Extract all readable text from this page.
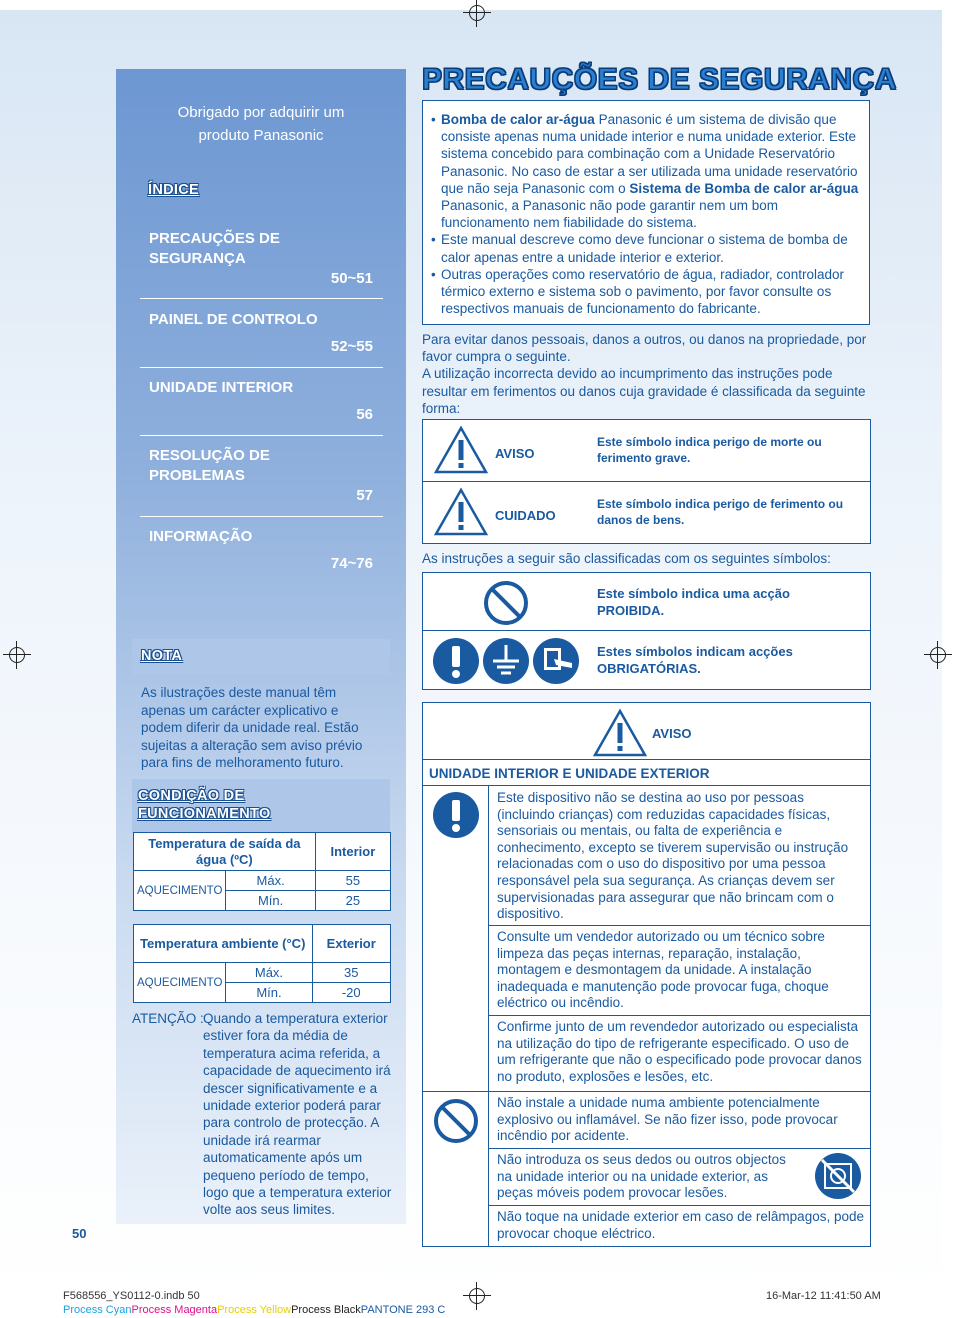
Obrigado por adquirir um
produto Panasonic
ÍNDICE
PRECAUÇÕES DE
SEGURANÇA
50~51
PAINEL DE CONTROLO
52~55
UNIDADE INTERIOR
56
RESOLUÇÃO DE
PROBLEMAS
57
INFORMAÇÃO
74~76
NOTA
As ilustrações deste manual têm apenas um carácter explicativo e podem diferir da unidade real. Estão sujeitas a alteração sem aviso prévio para fins de melhoramento futuro.
CONDIÇÃO DE
FUNCIONAMENTO
Temperatura de saída da água (ºC)		Interior
AQUECIMENTO	Máx.	55
	Mín.	25
Temperatura ambiente (°C)		Exterior
AQUECIMENTO	Máx.	35
	Mín.	-20
ATENÇÃO : Quando a temperatura exterior estiver fora da média de temperatura acima referida, a capacidade de aquecimento irá descer significativamente e a unidade exterior poderá parar para controlo de protecção. A unidade irá rearmar automaticamente após um pequeno período de tempo, logo que a temperatura exterior volte aos seus limites.
50
PRECAUÇÕES DE SEGURANÇA
• Bomba de calor ar-água Panasonic é um sistema de divisão que consiste apenas numa unidade interior e numa unidade exterior. Este sistema concebido para combinação com a Unidade Reservatório Panasonic. No caso de estar a ser utilizada uma unidade reservatório que não seja Panasonic com o Sistema de Bomba de calor ar-água Panasonic, a Panasonic não pode garantir nem um bom funcionamento nem fiabilidade do sistema.
• Este manual descreve como deve funcionar o sistema de bomba de calor apenas entre a unidade interior e exterior.
• Outras operações como reservatório de água, radiador, controlador térmico externo e sistema sob o pavimento, por favor consulte os respectivos manuais de funcionamento do fabricante.
Para evitar danos pessoais, danos a outros, ou danos na propriedade, por favor cumpra o seguinte.
A utilização incorrecta devido ao incumprimento das instruções pode resultar em ferimentos ou danos cuja gravidade é classificada da seguinte forma:
AVISO
Este símbolo indica perigo de morte ou ferimento grave.
CUIDADO
Este símbolo indica perigo de ferimento ou danos de bens.
As instruções a seguir são classificadas com os seguintes símbolos:
Este símbolo indica uma acção PROIBIDA.
Estes símbolos indicam acções OBRIGATÓRIAS.
AVISO
UNIDADE INTERIOR E UNIDADE EXTERIOR
Este dispositivo não se destina ao uso por pessoas (incluindo crianças) com reduzidas capacidades físicas, sensoriais ou mentais, ou falta de experiência e conhecimento, excepto se tiverem supervisão ou instrução relacionadas com o uso do dispositivo por uma pessoa responsável pela sua segurança. As crianças devem ser supervisionadas para assegurar que não brincam com o dispositivo.
Consulte um vendedor autorizado ou um técnico sobre limpeza das peças internas, reparação, instalação, montagem e desmontagem da unidade. A instalação inadequada e manutenção pode provocar fuga, choque eléctrico ou incêndio.
Confirme junto de um revendedor autorizado ou especialista na utilização do tipo de refrigerante especificado. O uso de um refrigerante que não o especificado pode provocar danos no produto, explosões e lesões, etc.
Não instale a unidade numa ambiente potencialmente explosivo ou inflamável. Se não fizer isso, pode provocar incêndio por acidente.
Não introduza os seus dedos ou outros objectos na unidade interior ou na unidade exterior, as peças móveis podem provocar lesões.
Não toque na unidade exterior em caso de relâmpagos, pode provocar choque eléctrico.
F568556_YS0112-0.indb 50	16-Mar-12 11:41:50 AM
Process CyanProcess MagentaProcess YellowProcess BlackPANTONE 293 C
